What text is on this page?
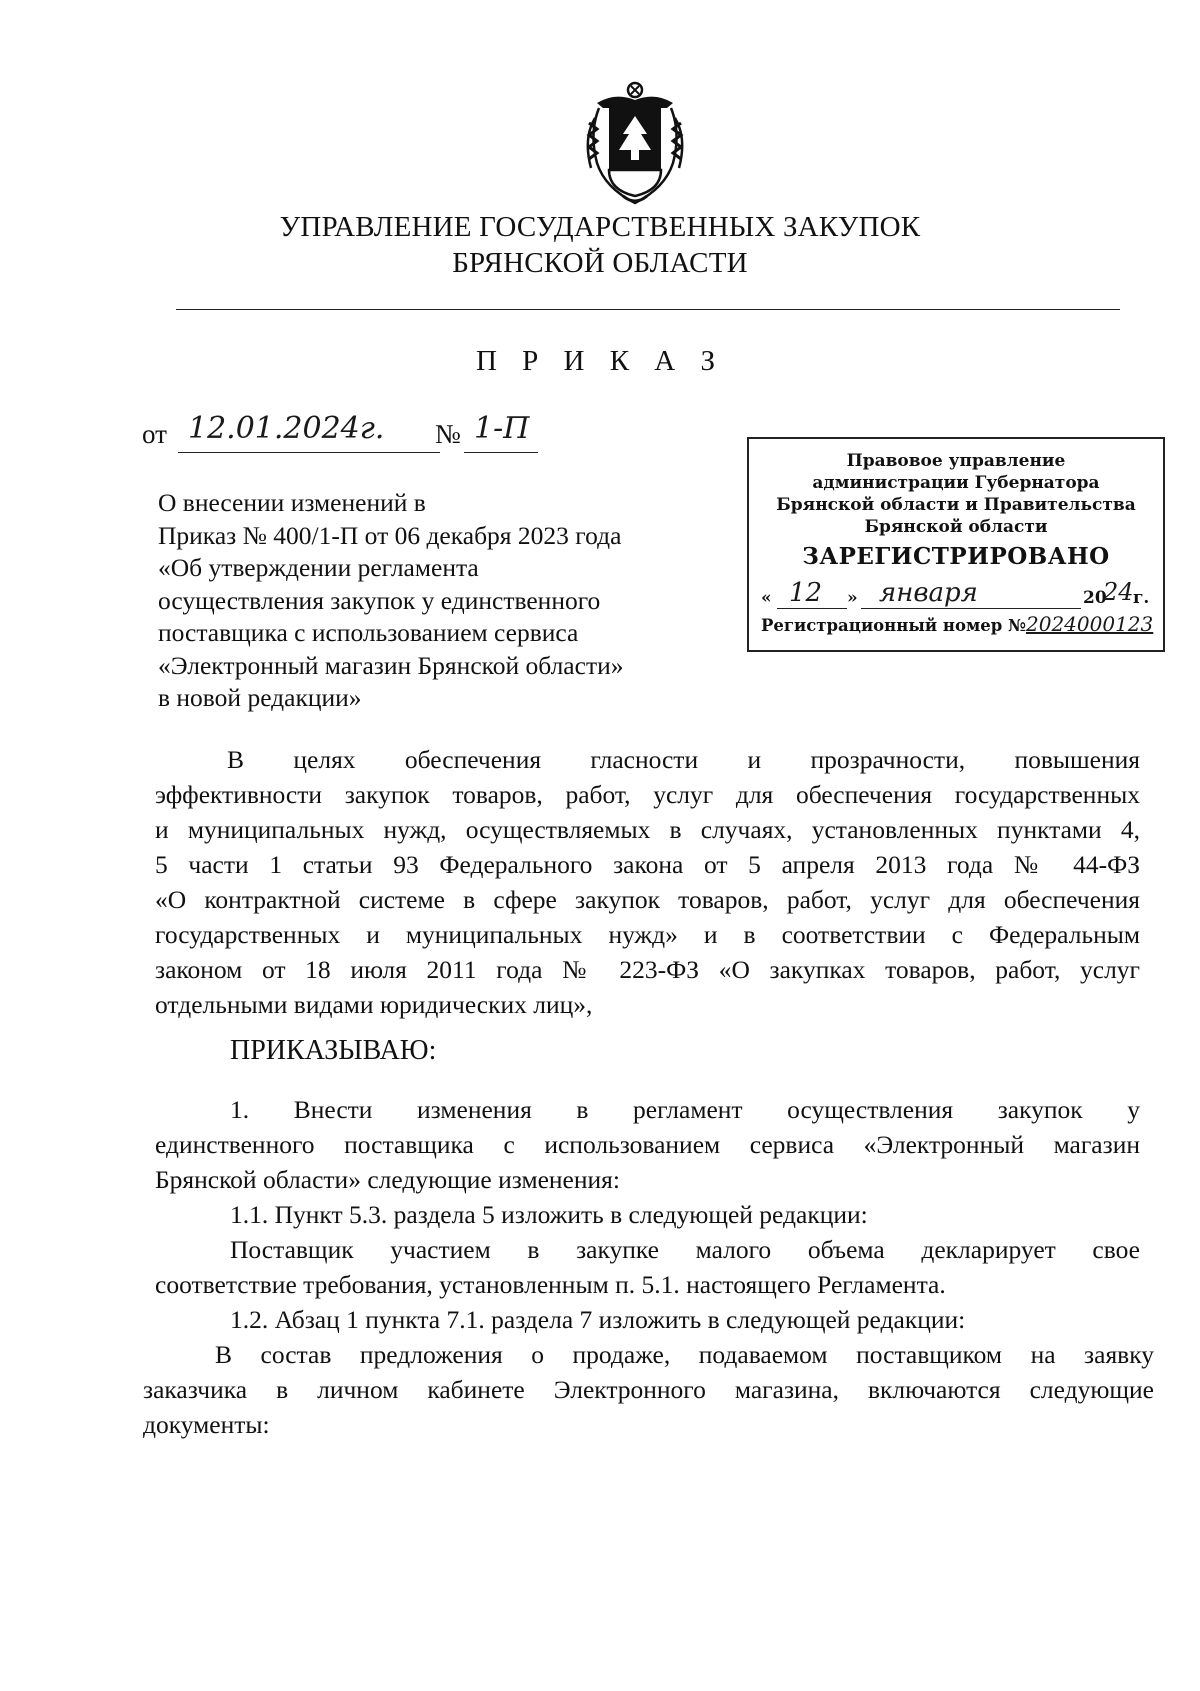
УПРАВЛЕНИЕ ГОСУДАРСТВЕННЫХ ЗАКУПОК
БРЯНСКОЙ ОБЛАСТИ
П Р И К А З
от 12.01.2024г. № 1-П
О внесении изменений в
Приказ № 400/1-П от 06 декабря 2023 года
«Об утверждении регламента
осуществления закупок у единственного
поставщика с использованием сервиса
«Электронный магазин Брянской области»
в новой редакции»
Правовое управление
администрации Губернатора
Брянской области и Правительства
Брянской области
ЗАРЕГИСТРИРОВАНО
« 12 » января	20
24 г.
Регистрационный номер №2024000123
В целях обеспечения гласности и прозрачности, повышения
эффективности закупок товаров, работ, услуг для обеспечения государственных
и муниципальных нужд, осуществляемых в случаях, установленных пунктами 4,
5 части 1 статьи 93 Федерального закона от 5 апреля 2013 года № 44-ФЗ
«О контрактной системе в сфере закупок товаров, работ, услуг для обеспечения
государственных и муниципальных нужд» и в соответствии с Федеральным
законом от 18 июля 2011 года № 223-ФЗ «О закупках товаров, работ, услуг
отдельными видами юридических лиц»,
ПРИКАЗЫВАЮ:
1. Внести изменения в регламент осуществления закупок у
единственного поставщика с использованием сервиса «Электронный магазин
Брянской области» следующие изменения:
1.1. Пункт 5.3. раздела 5 изложить в следующей редакции:
Поставщик участием в закупке малого объема декларирует свое
соответствие требования, установленным п. 5.1. настоящего Регламента.
1.2. Абзац 1 пункта 7.1. раздела 7 изложить в следующей редакции:
В состав предложения о продаже, подаваемом поставщиком на заявку
заказчика в личном кабинете Электронного магазина, включаются следующие
документы:
